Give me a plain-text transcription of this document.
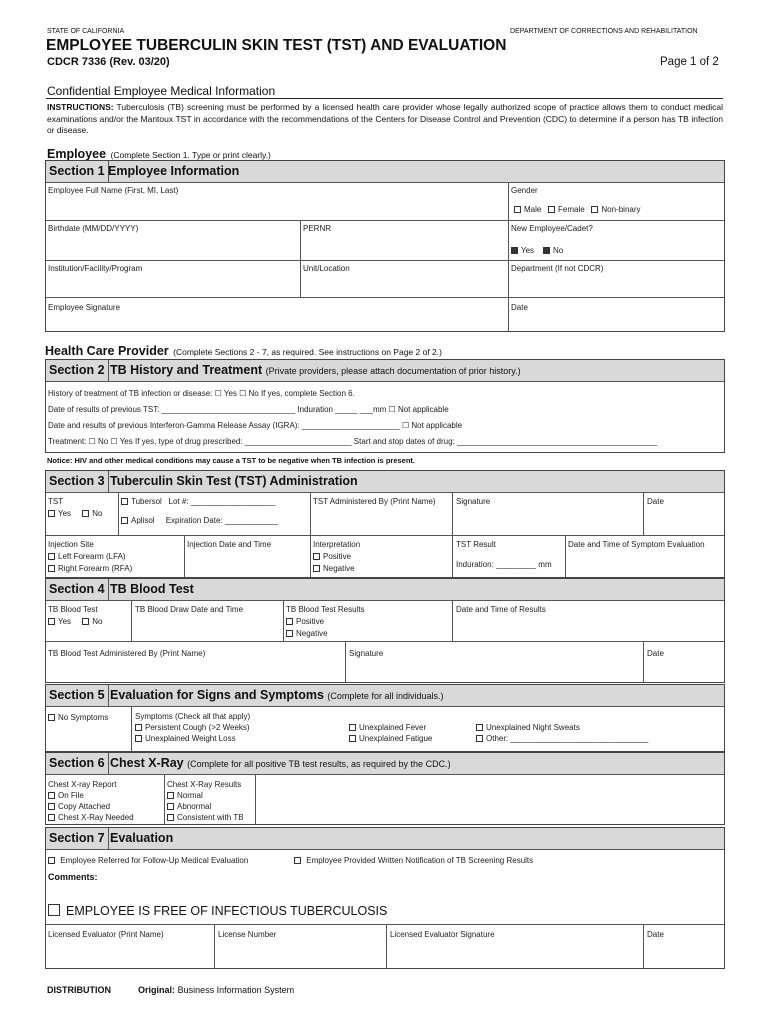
STATE OF CALIFORNIA	DEPARTMENT OF CORRECTIONS AND REHABILITATION
EMPLOYEE TUBERCULIN SKIN TEST (TST) AND EVALUATION
CDCR 7336 (Rev. 03/20)	Page 1 of 2
Confidential Employee Medical Information
INSTRUCTIONS: Tuberculosis (TB) screening must be performed by a licensed health care provider whose legally authorized scope of practice allows them to conduct medical examinations and/or the Mantoux TST in accordance with the recommendations of the Centers for Disease Control and Prevention (CDC) to determine if a person has TB infection or disease.
Employee (Complete Section 1. Type or print clearly.)
Section 1 Employee Information
Employee Full Name (First, MI, Last)	Gender
Male Female Non-binary
Birthdate (MM/DD/YYYY)	PERNR	New Employee/Cadet?
Yes No
Institution/Facility/Program	Unit/Location	Department (If not CDCR)
Employee Signature	Date
Health Care Provider (Complete Sections 2 - 7, as required. See instructions on Page 2 of 2.)
Section 2 TB History and Treatment (Private providers, please attach documentation of prior history.)
History of treatment of TB infection or disease: ☐ Yes ☐ No If yes, complete Section 6.
Date of results of previous TST: ______________________________ Induration _____ ___mm ☐ Not applicable
Date and results of previous Interferon-Gamma Release Assay (IGRA): ______________________ ☐ Not applicable
Treatment: ☐ No ☐ Yes If yes, type of drug prescribed: ________________________ Start and stop dates of drug: _____________________________________________
Notice: HIV and other medical conditions may cause a TST to be negative when TB infection is present.
Section 3 Tuberculin Skin Test (TST) Administration
TST
Yes	No
Tubersol Lot #: ___________________
Aplisol Expiration Date: ____________
TST Administered By (Print Name)	Signature	Date
Injection Site
Left Forearm (LFA)
Right Forearm (RFA)
Injection Date and Time	Interpretation
Positive
Negative
TST Result
Induration: _________ mm
Date and Time of Symptom Evaluation
Section 4 TB Blood Test
TB Blood Test
Yes	No
TB Blood Draw Date and Time	TB Blood Test Results
Positive
Negative
Date and Time of Results
TB Blood Test Administered By (Print Name)	Signature	Date
Section 5 Evaluation for Signs and Symptoms (Complete for all individuals.)
No Symptoms	Symptoms (Check all that apply)
Persistent Cough (>2 Weeks)
Unexplained Weight Loss
Unexplained Fever
Unexplained Fatigue
Unexplained Night Sweats
Other: _______________________________
Section 6 Chest X-Ray (Complete for all positive TB test results, as required by the CDC.)
Chest X-ray Report
On File
Copy Attached
Chest X-Ray Needed
Chest X-Ray Results
Normal
Abnormal
Consistent with TB
Section 7 Evaluation
Employee Referred for Follow-Up Medical Evaluation	Employee Provided Written Notification of TB Screening Results
Comments:
EMPLOYEE IS FREE OF INFECTIOUS TUBERCULOSIS
Licensed Evaluator (Print Name)	License Number	Licensed Evaluator Signature	Date
DISTRIBUTION	Original: Business Information System
